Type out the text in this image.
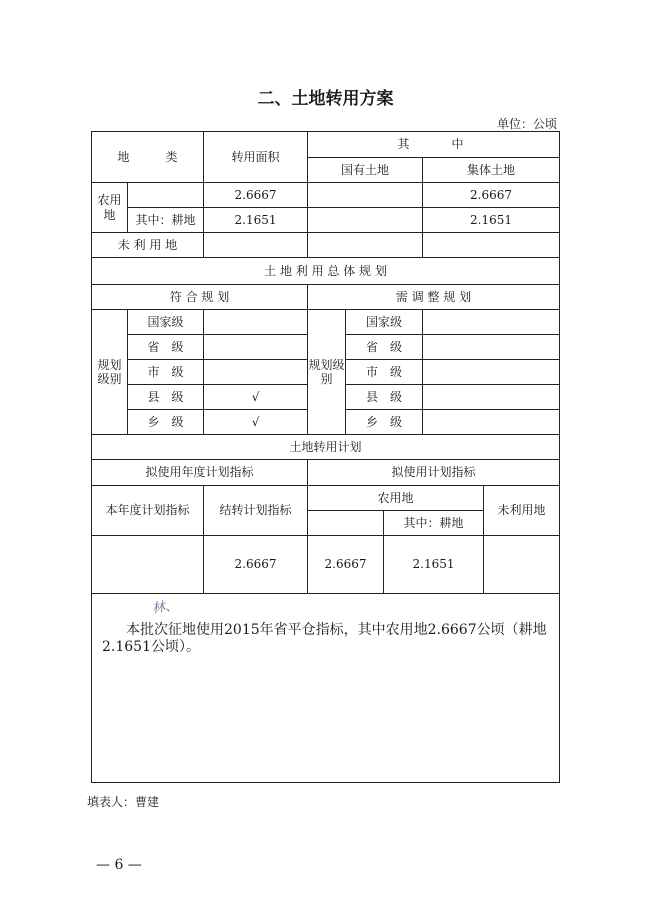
二、土地转用方案
单位：公顷
地　　　类		转用面积	其　　中				
			国有土地			集体土地	
农用地		2.6667				2.6667	
	其中：耕地	2.1651				2.1651	
未 利 用 地							
土 地 利 用 总 体 规 划							
符 合 规 划			需 调 整 规 划				
规划级别	国家级		规划级别	国家级			
	省　级			省　级			
	市　级			市　级			
	县　级	√		县　级			
	乡　级	√		乡　级			
土地转用计划							
拟使用年度计划指标			拟使用计划指标				
本年度计划指标		结转计划指标	农用地				未利用地
					其中：耕地		
		2.6667	2.6667		2.1651		

林、

本批次征地使用2015年省平仓指标，其中农用地2.6667公顷（耕地2.1651公顷）。							

填表人：曹建
— 6 —
